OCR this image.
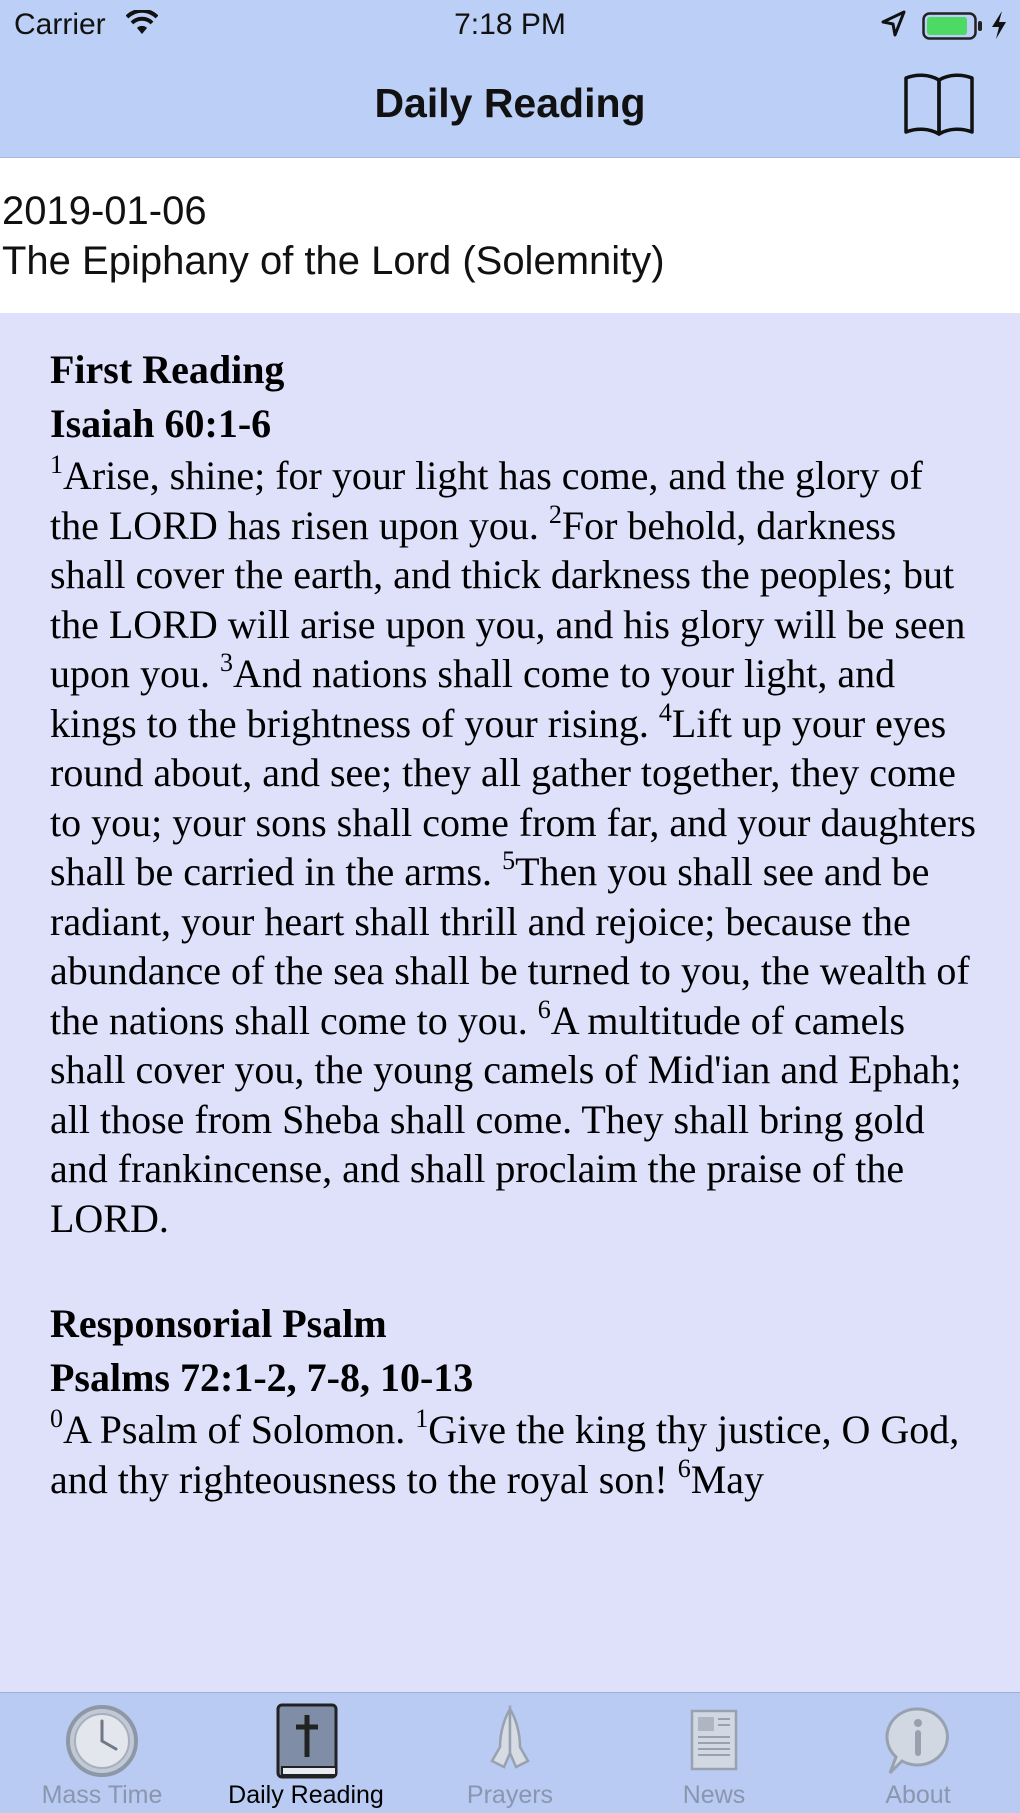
Carrier	7:18 PM
Daily Reading
2019-01-06
The Epiphany of the Lord (Solemnity)
First Reading
Isaiah 60:1-6
$^1$Arise, shine; for your light has come, and the glory of the LORD has risen upon you. $^2$For behold, darkness shall cover the earth, and thick darkness the peoples; but the LORD will arise upon you, and his glory will be seen upon you. $^3$And nations shall come to your light, and kings to the brightness of your rising. $^4$Lift up your eyes round about, and see; they all gather together, they come to you; your sons shall come from far, and your daughters shall be carried in the arms. $^5$Then you shall see and be radiant, your heart shall thrill and rejoice; because the abundance of the sea shall be turned to you, the wealth of the nations shall come to you. $^6$A multitude of camels shall cover you, the young camels of Mid'ian and Ephah; all those from Sheba shall come. They shall bring gold and frankincense, and shall proclaim the praise of the LORD.
Responsorial Psalm
Psalms 72:1-2, 7-8, 10-13
$^0$A Psalm of Solomon. $^1$Give the king thy justice, O God, and thy righteousness to the royal son! $^6$May
Mass Time	Daily Reading	Prayers	News	About
